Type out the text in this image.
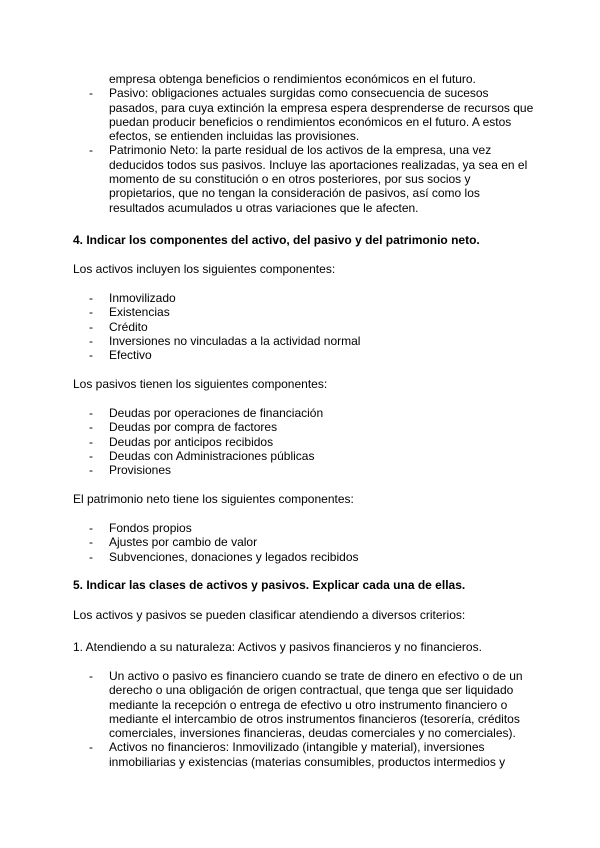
empresa obtenga beneficios o rendimientos económicos en el futuro.

- Pasivo: obligaciones actuales surgidas como consecuencia de sucesos pasados, para cuya extinción la empresa espera desprenderse de recursos que puedan producir beneficios o rendimientos económicos en el futuro. A estos efectos, se entienden incluidas las provisiones.
- Patrimonio Neto: la parte residual de los activos de la empresa, una vez deducidos todos sus pasivos. Incluye las aportaciones realizadas, ya sea en el momento de su constitución o en otros posteriores, por sus socios y propietarios, que no tengan la consideración de pasivos, así como los resultados acumulados u otras variaciones que le afecten.
4. Indicar los componentes del activo, del pasivo y del patrimonio neto.

Los activos incluyen los siguientes componentes:

- Inmovilizado
- Existencias
- Crédito
- Inversiones no vinculadas a la actividad normal
- Efectivo

Los pasivos tienen los siguientes componentes:

- Deudas por operaciones de financiación
- Deudas por compra de factores
- Deudas por anticipos recibidos
- Deudas con Administraciones públicas
- Provisiones

El patrimonio neto tiene los siguientes componentes:

- Fondos propios
- Ajustes por cambio de valor
- Subvenciones, donaciones y legados recibidos
5. Indicar las clases de activos y pasivos. Explicar cada una de ellas.

Los activos y pasivos se pueden clasificar atendiendo a diversos criterios:

1. Atendiendo a su naturaleza: Activos y pasivos financieros y no financieros.

- Un activo o pasivo es financiero cuando se trate de dinero en efectivo o de un derecho o una obligación de origen contractual, que tenga que ser liquidado mediante la recepción o entrega de efectivo u otro instrumento financiero o mediante el intercambio de otros instrumentos financieros (tesorería, créditos comerciales, inversiones financieras, deudas comerciales y no comerciales).
- Activos no financieros: Inmovilizado (intangible y material), inversiones inmobiliarias y existencias (materias consumibles, productos intermedios y
